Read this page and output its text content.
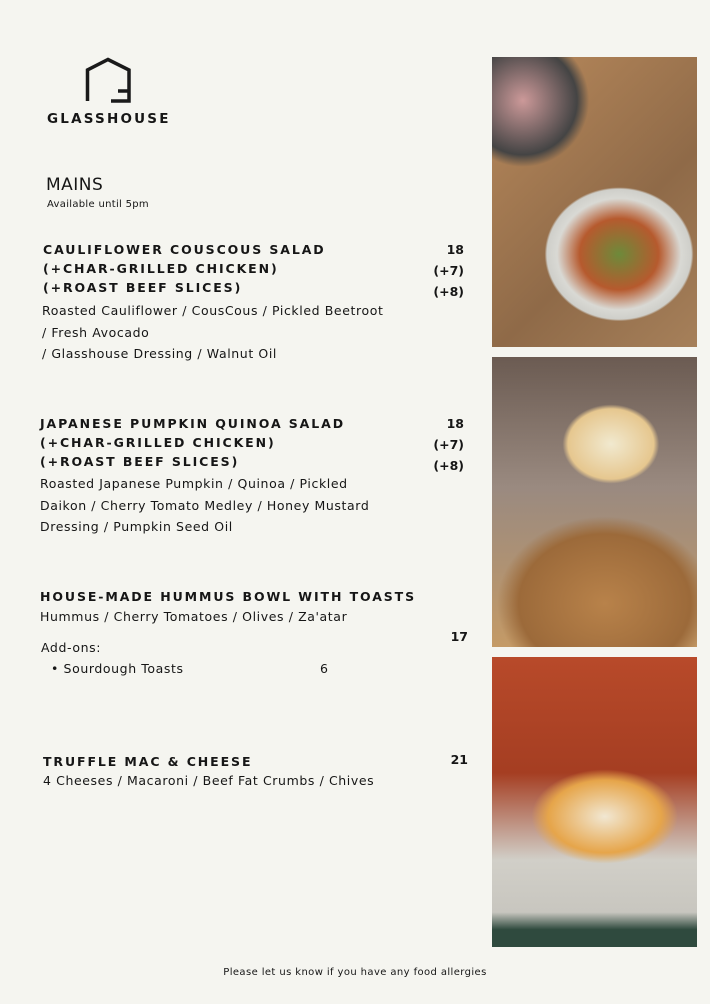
GLASSHOUSE
MAINS
Available until 5pm
CAULIFLOWER COUSCOUS SALAD
(+CHAR-GRILLED CHICKEN)
(+ROAST BEEF SLICES)
18
(+7)
(+8)
Roasted Cauliflower / CousCous / Pickled Beetroot
/ Fresh Avocado
/ Glasshouse Dressing / Walnut Oil
JAPANESE PUMPKIN QUINOA SALAD
(+CHAR-GRILLED CHICKEN)
(+ROAST BEEF SLICES)
18
(+7)
(+8)
Roasted Japanese Pumpkin / Quinoa / Pickled
Daikon / Cherry Tomato Medley / Honey Mustard
Dressing / Pumpkin Seed Oil
HOUSE-MADE HUMMUS BOWL WITH TOASTS
Hummus / Cherry Tomatoes / Olives / Za'atar
17
Add-ons:
• Sourdough Toasts	6
TRUFFLE MAC & CHEESE	21
4 Cheeses / Macaroni / Beef Fat Crumbs / Chives
Please let us know if you have any food allergies
